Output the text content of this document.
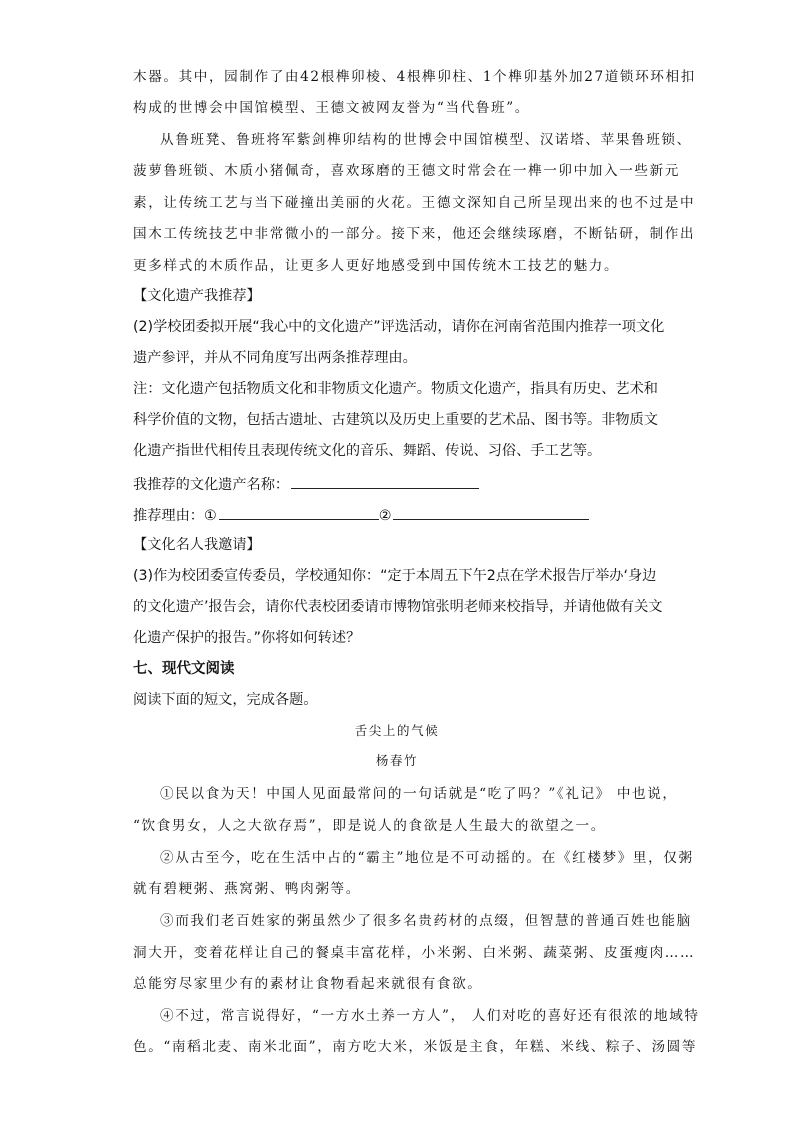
木器。其中，园制作了由42根榫卯棱、4根榫卯柱、1个榫卯基外加27道锁环环相扣
构成的世博会中国馆模型、王德文被网友誉为“当代鲁班”。
从鲁班凳、鲁班将军紫剑榫卯结构的世博会中国馆模型、汉诺塔、苹果鲁班锁、
菠萝鲁班锁、木质小猪佩奇，喜欢琢磨的王德文时常会在一榫一卯中加入一些新元
素，让传统工艺与当下碰撞出美丽的火花。王德文深知自己所呈现出来的也不过是中
国木工传统技艺中非常微小的一部分。接下来，他还会继续琢磨，不断钻研，制作出
更多样式的木质作品，让更多人更好地感受到中国传统木工技艺的魅力。
【文化遗产我推荐】
(2)学校团委拟开展“我心中的文化遗产”评选活动，请你在河南省范围内推荐一项文化
遗产参评，并从不同角度写出两条推荐理由。
注：文化遗产包括物质文化和非物质文化遗产。物质文化遗产，指具有历史、艺术和
科学价值的文物，包括古遗址、古建筑以及历史上重要的艺术品、图书等。非物质文
化遗产指世代相传且表现传统文化的音乐、舞蹈、传说、习俗、手工艺等。
我推荐的文化遗产名称：
推荐理由：①	②
【文化名人我邀请】
(3)作为校团委宣传委员，学校通知你：“定于本周五下午2点在学术报告厅举办‘身边
的文化遗产’报告会，请你代表校团委请市博物馆张明老师来校指导，并请他做有关文
化遗产保护的报告。”你将如何转述？
七、现代文阅读
阅读下面的短文，完成各题。
舌尖上的气候
杨春竹
①民以食为天！中国人见面最常问的一句话就是“吃了吗？”《礼记》 中也说，
“饮食男女，人之大欲存焉”，即是说人的食欲是人生最大的欲望之一。
②从古至今，吃在生活中占的“霸主”地位是不可动摇的。在《红楼梦》里，仅粥
就有碧粳粥、燕窝粥、鸭肉粥等。
③而我们老百姓家的粥虽然少了很多名贵药材的点缀，但智慧的普通百姓也能脑
洞大开，变着花样让自己的餐桌丰富花样，小米粥、白米粥、蔬菜粥、皮蛋瘦肉……
总能穷尽家里少有的素材让食物看起来就很有食欲。
④不过，常言说得好，“一方水土养一方人”， 人们对吃的喜好还有很浓的地域特
色。“南稻北麦、南米北面”，南方吃大米，米饭是主食，年糕、米线、粽子、汤圆等
